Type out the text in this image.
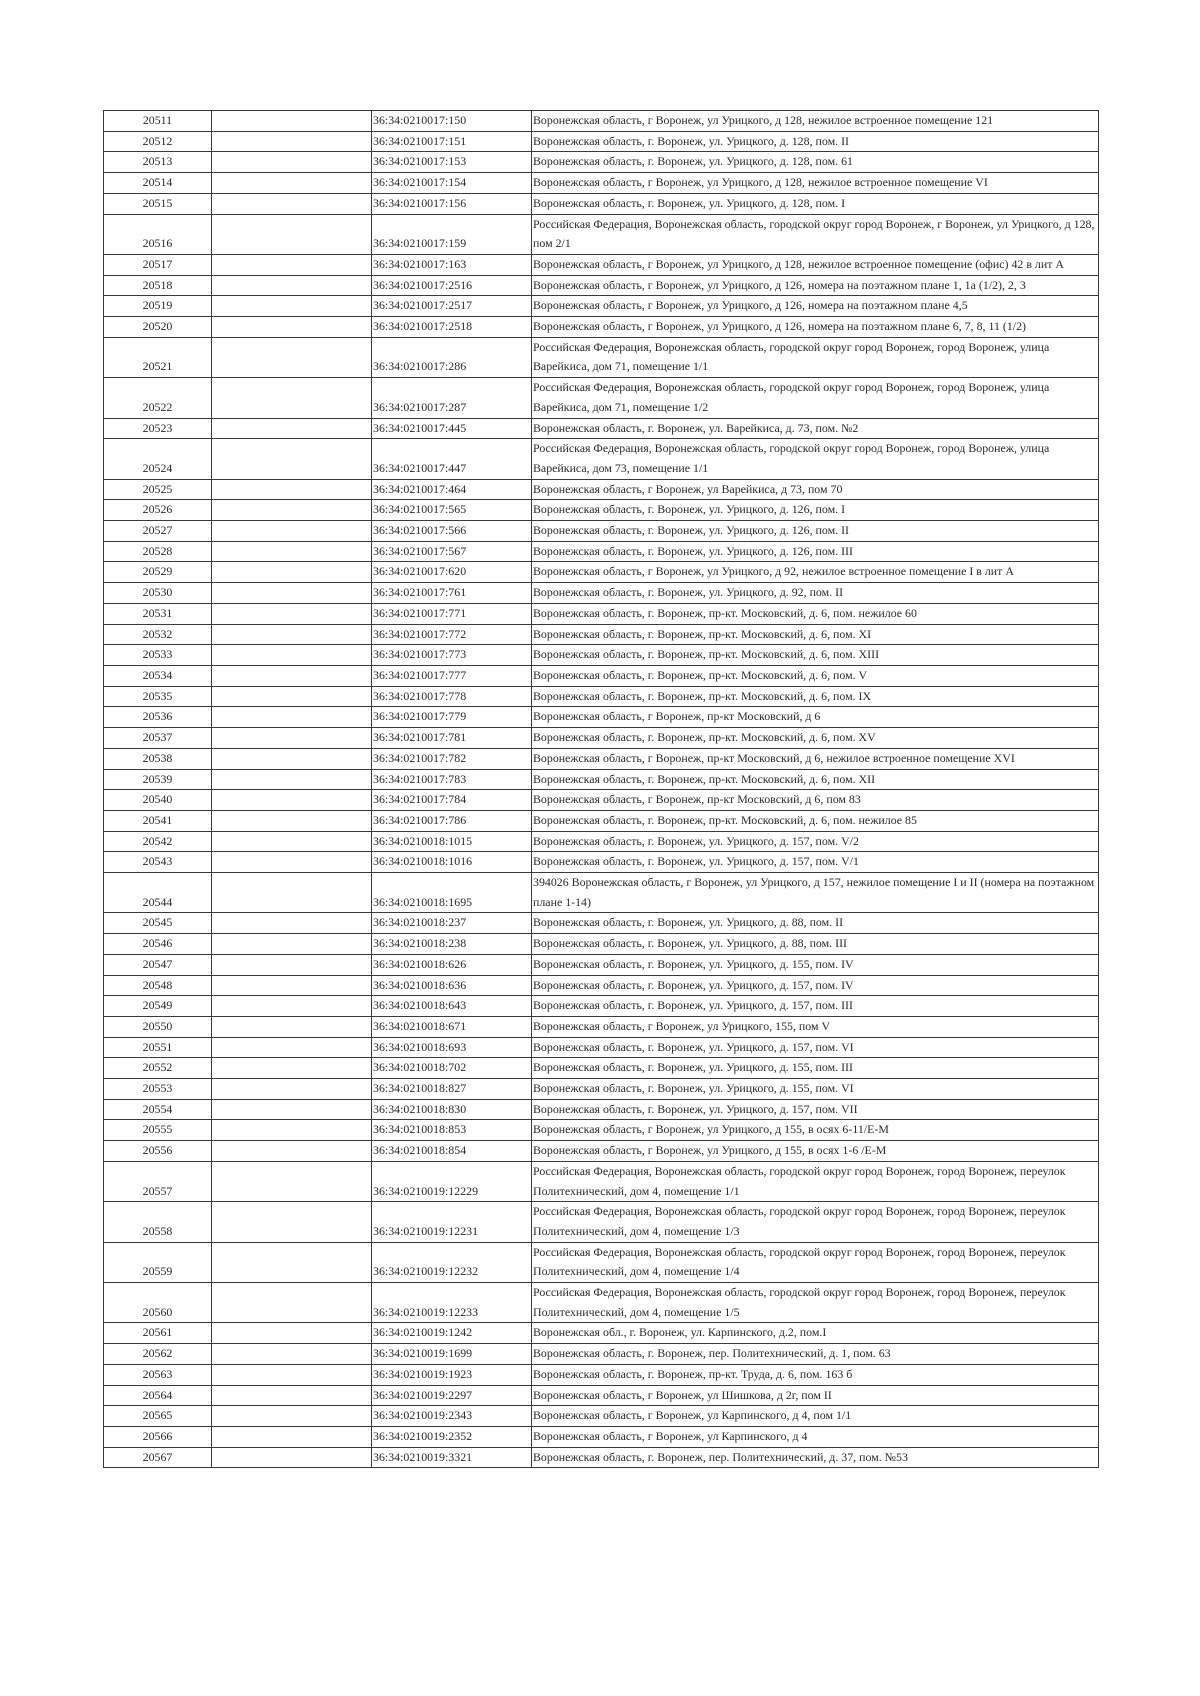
20511		36:34:0210017:150	Воронежская область, г Воронеж, ул Урицкого, д 128, нежилое встроенное помещение 121
20512		36:34:0210017:151	Воронежская область, г. Воронеж, ул. Урицкого, д. 128, пом. II
20513		36:34:0210017:153	Воронежская область, г. Воронеж, ул. Урицкого, д. 128, пом. 61
20514		36:34:0210017:154	Воронежская область, г Воронеж, ул Урицкого, д 128, нежилое встроенное помещение VI
20515		36:34:0210017:156	Воронежская область, г. Воронеж, ул. Урицкого, д. 128, пом. I
20516		36:34:0210017:159	Российская Федерация, Воронежская область, городской округ город Воронеж, г Воронеж, ул Урицкого, д 128, пом 2/1
20517		36:34:0210017:163	Воронежская область, г Воронеж, ул Урицкого, д 128, нежилое встроенное помещение (офис) 42 в лит А
20518		36:34:0210017:2516	Воронежская область, г Воронеж, ул Урицкого, д 126, номера на поэтажном плане 1, 1а (1/2), 2, 3
20519		36:34:0210017:2517	Воронежская область, г Воронеж, ул Урицкого, д 126, номера на поэтажном плане 4,5
20520		36:34:0210017:2518	Воронежская область, г Воронеж, ул Урицкого, д 126, номера на поэтажном плане 6, 7, 8, 11 (1/2)
20521		36:34:0210017:286	Российская Федерация, Воронежская область, городской округ город Воронеж, город Воронеж, улица Варейкиса, дом 71, помещение 1/1
20522		36:34:0210017:287	Российская Федерация, Воронежская область, городской округ город Воронеж, город Воронеж, улица Варейкиса, дом 71, помещение 1/2
20523		36:34:0210017:445	Воронежская область, г. Воронеж, ул. Варейкиса, д. 73, пом. №2
20524		36:34:0210017:447	Российская Федерация, Воронежская область, городской округ город Воронеж, город Воронеж, улица Варейкиса, дом 73, помещение 1/1
20525		36:34:0210017:464	Воронежская область, г Воронеж, ул Варейкиса, д 73, пом 70
20526		36:34:0210017:565	Воронежская область, г. Воронеж, ул. Урицкого, д. 126, пом. I
20527		36:34:0210017:566	Воронежская область, г. Воронеж, ул. Урицкого, д. 126, пом. II
20528		36:34:0210017:567	Воронежская область, г. Воронеж, ул. Урицкого, д. 126, пом. III
20529		36:34:0210017:620	Воронежская область, г Воронеж, ул Урицкого, д 92, нежилое встроенное помещение I в лит А
20530		36:34:0210017:761	Воронежская область, г. Воронеж, ул. Урицкого, д. 92, пом. II
20531		36:34:0210017:771	Воронежская область, г. Воронеж, пр-кт. Московский, д. 6, пом. нежилое 60
20532		36:34:0210017:772	Воронежская область, г. Воронеж, пр-кт. Московский, д. 6, пом. XI
20533		36:34:0210017:773	Воронежская область, г. Воронеж, пр-кт. Московский, д. 6, пом. XIII
20534		36:34:0210017:777	Воронежская область, г. Воронеж, пр-кт. Московский, д. 6, пом. V
20535		36:34:0210017:778	Воронежская область, г. Воронеж, пр-кт. Московский, д. 6, пом. IX
20536		36:34:0210017:779	Воронежская область, г Воронеж, пр-кт Московский, д 6
20537		36:34:0210017:781	Воронежская область, г. Воронеж, пр-кт. Московский, д. 6, пом. XV
20538		36:34:0210017:782	Воронежская область, г Воронеж, пр-кт Московский, д 6, нежилое встроенное помещение XVI
20539		36:34:0210017:783	Воронежская область, г. Воронеж, пр-кт. Московский, д. 6, пом. XII
20540		36:34:0210017:784	Воронежская область, г Воронеж, пр-кт Московский, д 6, пом 83
20541		36:34:0210017:786	Воронежская область, г. Воронеж, пр-кт. Московский, д. 6, пом. нежилое 85
20542		36:34:0210018:1015	Воронежская область, г. Воронеж, ул. Урицкого, д. 157, пом. V/2
20543		36:34:0210018:1016	Воронежская область, г. Воронеж, ул. Урицкого, д. 157, пом. V/1
20544		36:34:0210018:1695	394026 Воронежская область, г Воронеж, ул Урицкого, д 157, нежилое помещение I и II (номера на поэтажном плане 1-14)
20545		36:34:0210018:237	Воронежская область, г. Воронеж, ул. Урицкого, д. 88, пом. II
20546		36:34:0210018:238	Воронежская область, г. Воронеж, ул. Урицкого, д. 88, пом. III
20547		36:34:0210018:626	Воронежская область, г. Воронеж, ул. Урицкого, д. 155, пом. IV
20548		36:34:0210018:636	Воронежская область, г. Воронеж, ул. Урицкого, д. 157, пом. IV
20549		36:34:0210018:643	Воронежская область, г. Воронеж, ул. Урицкого, д. 157, пом. III
20550		36:34:0210018:671	Воронежская область, г Воронеж, ул Урицкого, 155, пом V
20551		36:34:0210018:693	Воронежская область, г. Воронеж, ул. Урицкого, д. 157, пом. VI
20552		36:34:0210018:702	Воронежская область, г. Воронеж, ул. Урицкого, д. 155, пом. III
20553		36:34:0210018:827	Воронежская область, г. Воронеж, ул. Урицкого, д. 155, пом. VI
20554		36:34:0210018:830	Воронежская область, г. Воронеж, ул. Урицкого, д. 157, пом. VII
20555		36:34:0210018:853	Воронежская область, г Воронеж, ул Урицкого, д 155, в осях 6-11/Е-М
20556		36:34:0210018:854	Воронежская область, г Воронеж, ул Урицкого, д 155, в осях 1-6 /Е-М
20557		36:34:0210019:12229	Российская Федерация, Воронежская область, городской округ город Воронеж, город Воронеж, переулок Политехнический, дом 4, помещение 1/1
20558		36:34:0210019:12231	Российская Федерация, Воронежская область, городской округ город Воронеж, город Воронеж, переулок Политехнический, дом 4, помещение 1/3
20559		36:34:0210019:12232	Российская Федерация, Воронежская область, городской округ город Воронеж, город Воронеж, переулок Политехнический, дом 4, помещение 1/4
20560		36:34:0210019:12233	Российская Федерация, Воронежская область, городской округ город Воронеж, город Воронеж, переулок Политехнический, дом 4, помещение 1/5
20561		36:34:0210019:1242	Воронежская обл., г. Воронеж, ул. Карпинского, д.2, пом.I
20562		36:34:0210019:1699	Воронежская область, г. Воронеж, пер. Политехнический, д. 1, пом. 63
20563		36:34:0210019:1923	Воронежская область, г. Воронеж, пр-кт. Труда, д. 6, пом. 163 б
20564		36:34:0210019:2297	Воронежская область, г Воронеж, ул Шишкова, д 2г, пом II
20565		36:34:0210019:2343	Воронежская область, г Воронеж, ул Карпинского, д 4, пом 1/1
20566		36:34:0210019:2352	Воронежская область, г Воронеж, ул Карпинского, д 4
20567		36:34:0210019:3321	Воронежская область, г. Воронеж, пер. Политехнический, д. 37, пом. №53
